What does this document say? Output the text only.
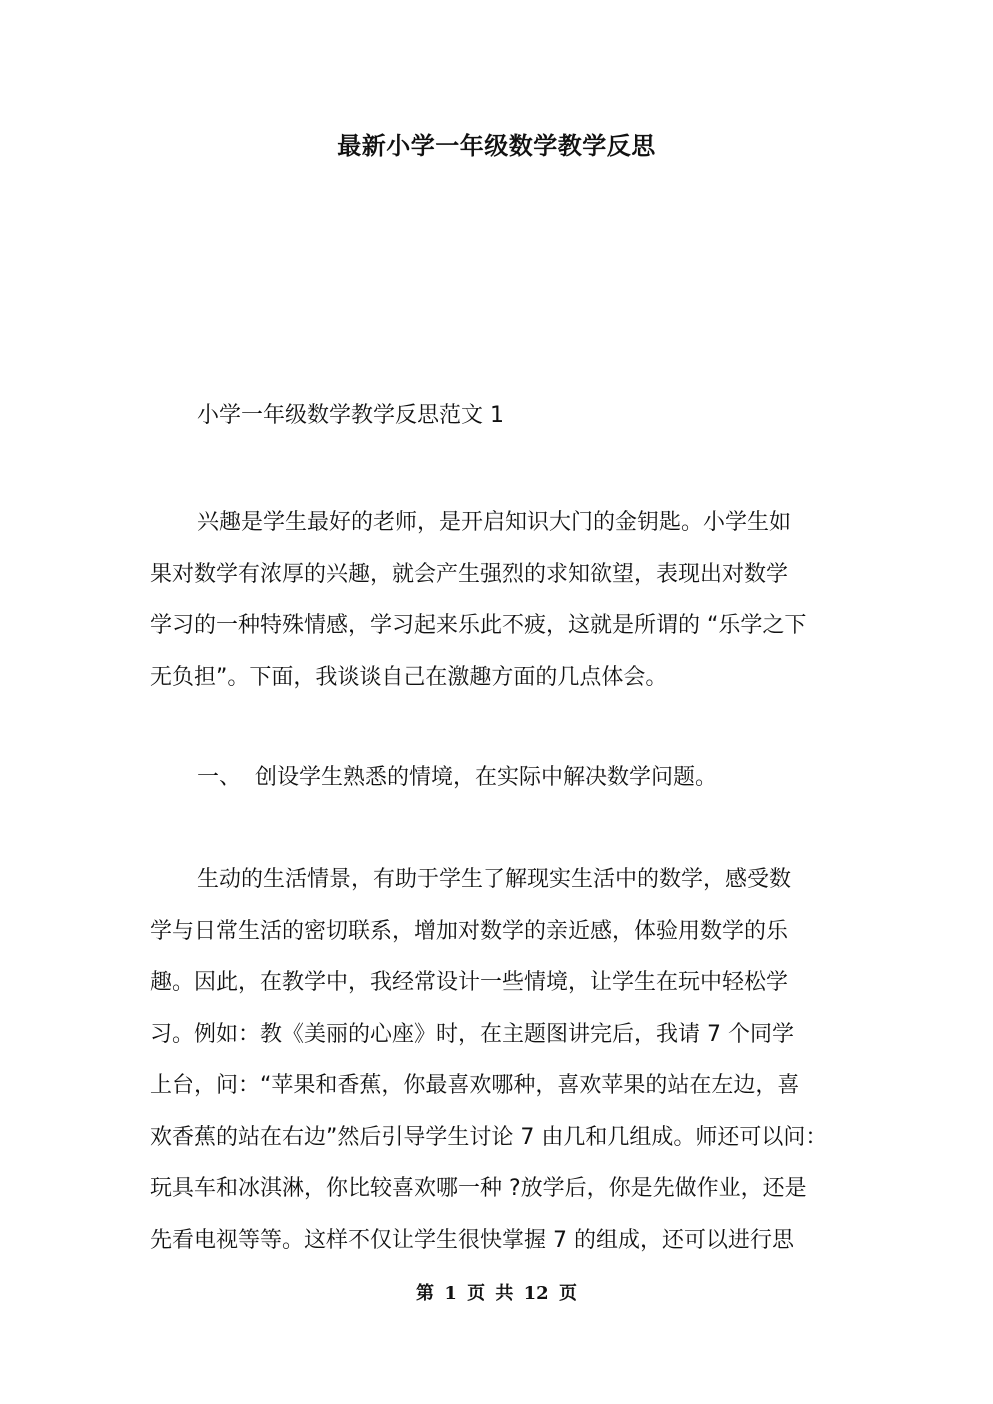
最新小学一年级数学教学反思
小学一年级数学教学反思范文 1

兴趣是学生最好的老师，是开启知识大门的金钥匙。小学生如
果对数学有浓厚的兴趣，就会产生强烈的求知欲望，表现出对数学
学习的一种特殊情感，学习起来乐此不疲，这就是所谓的 “乐学之下
无负担”。下面，我谈谈自己在激趣方面的几点体会。

一、 创设学生熟悉的情境，在实际中解决数学问题。

生动的生活情景，有助于学生了解现实生活中的数学，感受数
学与日常生活的密切联系，增加对数学的亲近感，体验用数学的乐
趣。因此，在教学中，我经常设计一些情境，让学生在玩中轻松学
习。例如：教《美丽的心座》时，在主题图讲完后，我请 7 个同学
上台，问：“苹果和香蕉，你最喜欢哪种，喜欢苹果的站在左边，喜
欢香蕉的站在右边”然后引导学生讨论 7 由几和几组成。师还可以问：
玩具车和冰淇淋，你比较喜欢哪一种 ?放学后，你是先做作业，还是
先看电视等等。这样不仅让学生很快掌握 7 的组成，还可以进行思

第 1 页 共 12 页
